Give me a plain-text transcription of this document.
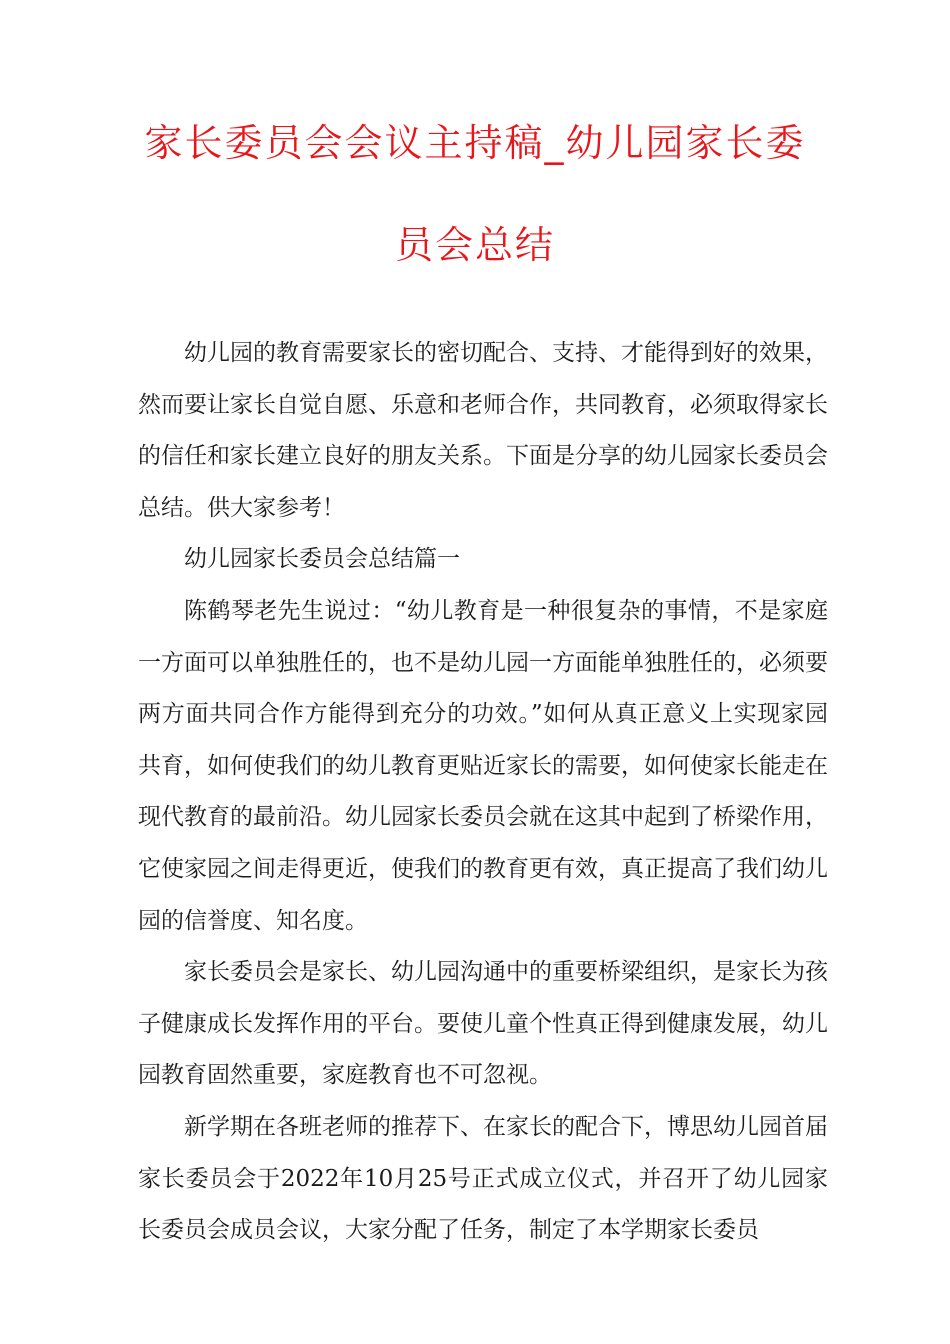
家长委员会会议主持稿_幼儿园家长委
员会总结

幼儿园的教育需要家长的密切配合、支持、才能得到好的效果，然而要让家长自觉自愿、乐意和老师合作，共同教育，必须取得家长的信任和家长建立良好的朋友关系。下面是分享的幼儿园家长委员会总结。供大家参考！

幼儿园家长委员会总结篇一

陈鹤琴老先生说过：“幼儿教育是一种很复杂的事情，不是家庭一方面可以单独胜任的，也不是幼儿园一方面能单独胜任的，必须要两方面共同合作方能得到充分的功效。”如何从真正意义上实现家园共育，如何使我们的幼儿教育更贴近家长的需要，如何使家长能走在现代教育的最前沿。幼儿园家长委员会就在这其中起到了桥梁作用，它使家园之间走得更近，使我们的教育更有效，真正提高了我们幼儿园的信誉度、知名度。

家长委员会是家长、幼儿园沟通中的重要桥梁组织，是家长为孩子健康成长发挥作用的平台。要使儿童个性真正得到健康发展，幼儿园教育固然重要，家庭教育也不可忽视。

新学期在各班老师的推荐下、在家长的配合下，博思幼儿园首届家长委员会于2022年10月25号正式成立仪式，并召开了幼儿园家长委员会成员会议，大家分配了任务，制定了本学期家长委员
